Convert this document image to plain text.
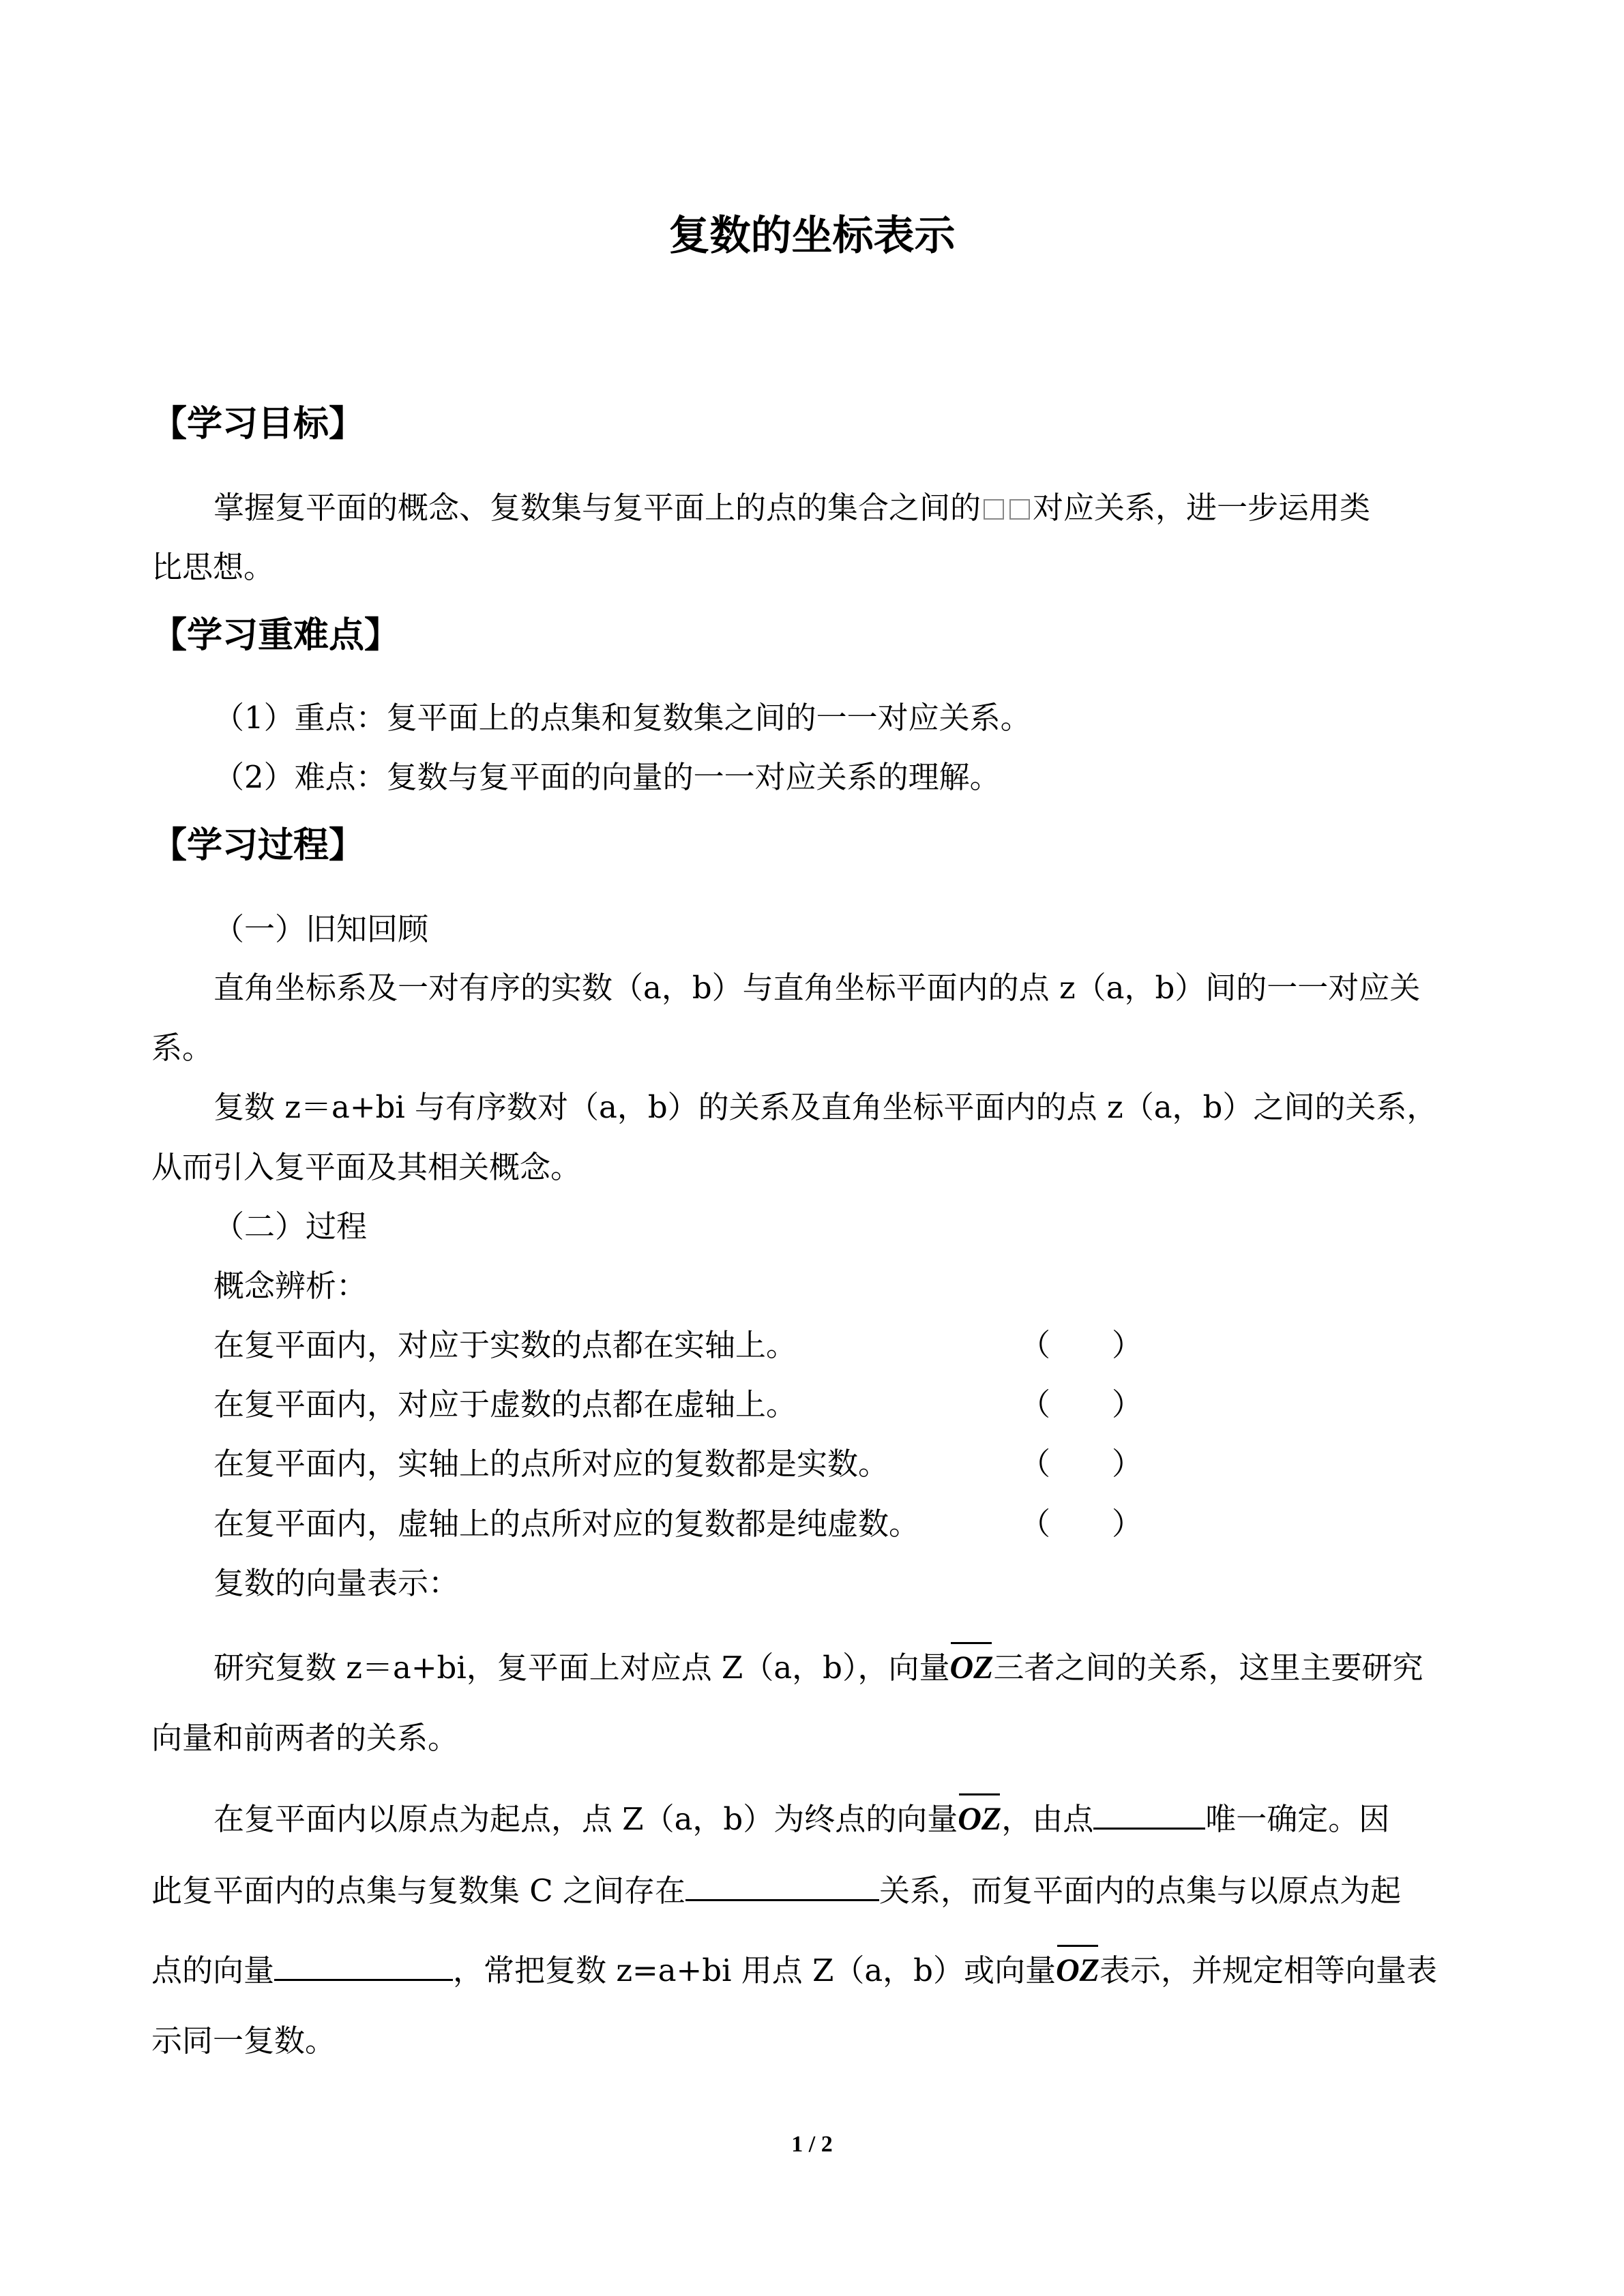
复数的坐标表示
【学习目标】
掌握复平面的概念、复数集与复平面上的点的集合之间的 对应关系，进一步运用类
比思想。
【学习重难点】
（1）重点：复平面上的点集和复数集之间的一一对应关系。
（2）难点：复数与复平面的向量的一一对应关系的理解。
【学习过程】
（一）旧知回顾
直角坐标系及一对有序的实数（a，b）与直角坐标平面内的点 z（a，b）间的一一对应关
系。
复数 z＝a+bi 与有序数对（a，b）的关系及直角坐标平面内的点 z（a，b）之间的关系，
从而引入复平面及其相关概念。
（二）过程
概念辨析：
在复平面内，对应于实数的点都在实轴上。	（　　）
在复平面内，对应于虚数的点都在虚轴上。	（　　）
在复平面内，实轴上的点所对应的复数都是实数。	（　　）
在复平面内，虚轴上的点所对应的复数都是纯虚数。	（　　）
复数的向量表示：
研究复数 z＝a+bi，复平面上对应点 Z（a，b），向量OZ三者之间的关系，这里主要研究
向量和前两者的关系。
在复平面内以原点为起点，点 Z（a，b）为终点的向量OZ，由点	唯一确定。因
此复平面内的点集与复数集 C 之间存在	关系，而复平面内的点集与以原点为起
点的向量	，常把复数 z=a+bi 用点 Z（a，b）或向量OZ表示，并规定相等向量表
示同一复数。
1 / 2
